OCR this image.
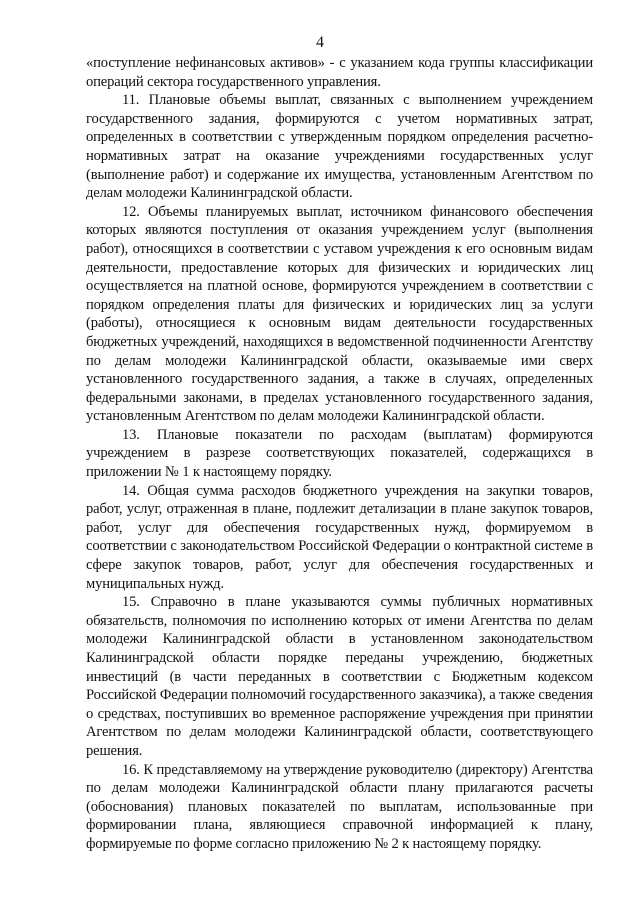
4

«поступление нефинансовых активов» - с указанием кода группы классификации операций сектора государственного управления.

11. Плановые объемы выплат, связанных с выполнением учреждением государственного задания, формируются с учетом нормативных затрат, определенных в соответствии с утвержденным порядком определения расчетно-нормативных затрат на оказание учреждениями государственных услуг (выполнение работ) и содержание их имущества, установленным Агентством по делам молодежи Калининградской области.

12. Объемы планируемых выплат, источником финансового обеспечения которых являются поступления от оказания учреждением услуг (выполнения работ), относящихся в соответствии с уставом учреждения к его основным видам деятельности, предоставление которых для физических и юридических лиц осуществляется на платной основе, формируются учреждением в соответствии с порядком определения платы для физических и юридических лиц за услуги (работы), относящиеся к основным видам деятельности государственных бюджетных учреждений, находящихся в ведомственной подчиненности Агентству по делам молодежи Калининградской области, оказываемые ими сверх установленного государственного задания, а также в случаях, определенных федеральными законами, в пределах установленного государственного задания, установленным Агентством по делам молодежи Калининградской области.

13. Плановые показатели по расходам (выплатам) формируются учреждением в разрезе соответствующих показателей, содержащихся в приложении № 1 к настоящему порядку.

14. Общая сумма расходов бюджетного учреждения на закупки товаров, работ, услуг, отраженная в плане, подлежит детализации в плане закупок товаров, работ, услуг для обеспечения государственных нужд, формируемом в соответствии с законодательством Российской Федерации о контрактной системе в сфере закупок товаров, работ, услуг для обеспечения государственных и муниципальных нужд.

15. Справочно в плане указываются суммы публичных нормативных обязательств, полномочия по исполнению которых от имени Агентства по делам молодежи Калининградской области в установленном законодательством Калининградской области порядке переданы учреждению, бюджетных инвестиций (в части переданных в соответствии с Бюджетным кодексом Российской Федерации полномочий государственного заказчика), а также сведения о средствах, поступивших во временное распоряжение учреждения при принятии Агентством по делам молодежи Калининградской области, соответствующего решения.

16. К представляемому на утверждение руководителю (директору) Агентства по делам молодежи Калининградской области плану прилагаются расчеты (обоснования) плановых показателей по выплатам, использованные при формировании плана, являющиеся справочной информацией к плану, формируемые по форме согласно приложению № 2 к настоящему порядку.
